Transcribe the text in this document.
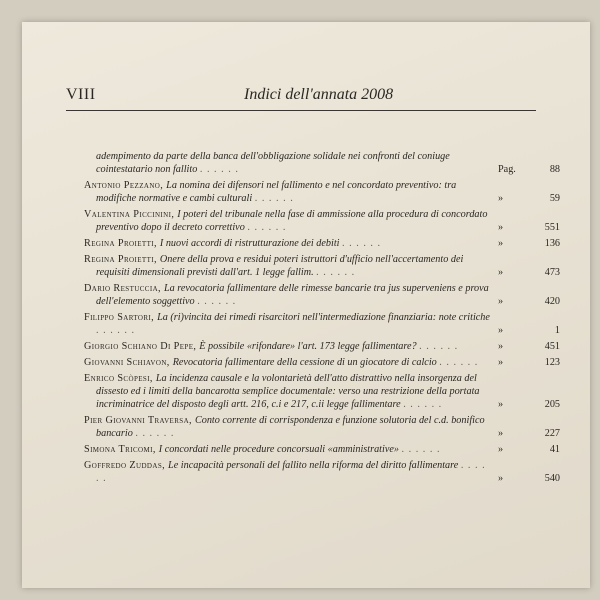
VIII	Indici dell'annata 2008
adempimento da parte della banca dell'obbligazione solidale nei confronti del coniuge cointestatario non fallito . . . . . .	Pag.	88
Antonio Pezzano, La nomina dei difensori nel fallimento e nel concordato preventivo: tra modifiche normative e cambi culturali . . . . . .	»	59
Valentina Piccinini, I poteri del tribunale nella fase di ammissione alla procedura di concordato preventivo dopo il decreto correttivo . . . . . .	»	551
Regina Proietti, I nuovi accordi di ristrutturazione dei debiti . . . . . .	»	136
Regina Proietti, Onere della prova e residui poteri istruttori d'ufficio nell'accertamento dei requisiti dimensionali previsti dall'art. 1 legge fallim. . . . . . .	»	473
Dario Restuccia, La revocatoria fallimentare delle rimesse bancarie tra jus superveniens e prova dell'elemento soggettivo . . . . . .	»	420
Filippo Sartori, La (ri)vincita dei rimedi risarcitori nell'intermediazione finanziaria: note critiche . . . . . .	»	1
Giorgio Schiano Di Pepe, È possibile «rifondare» l'art. 173 legge fallimentare? . . . . . .	»	451
Giovanni Schiavon, Revocatoria fallimentare della cessione di un giocatore di calcio . . . . . .	»	123
Enrico Scòpesi, La incidenza causale e la volontarietà dell'atto distrattivo nella insorgenza del dissesto ed i limiti della bancarotta semplice documentale: verso una restrizione della portata incriminatrice del disposto degli artt. 216, c.i e 217, c.ii legge fallimentare . . . . . .	»	205
Pier Giovanni Traversa, Conto corrente di corrispondenza e funzione solutoria del c.d. bonifico bancario . . . . . .	»	227
Simona Tricomi, I concordati nelle procedure concorsuali «amministrative» . . . . . .	»	41
Goffredo Zuddas, Le incapacità personali del fallito nella riforma del diritto fallimentare . . . . . .	»	540
